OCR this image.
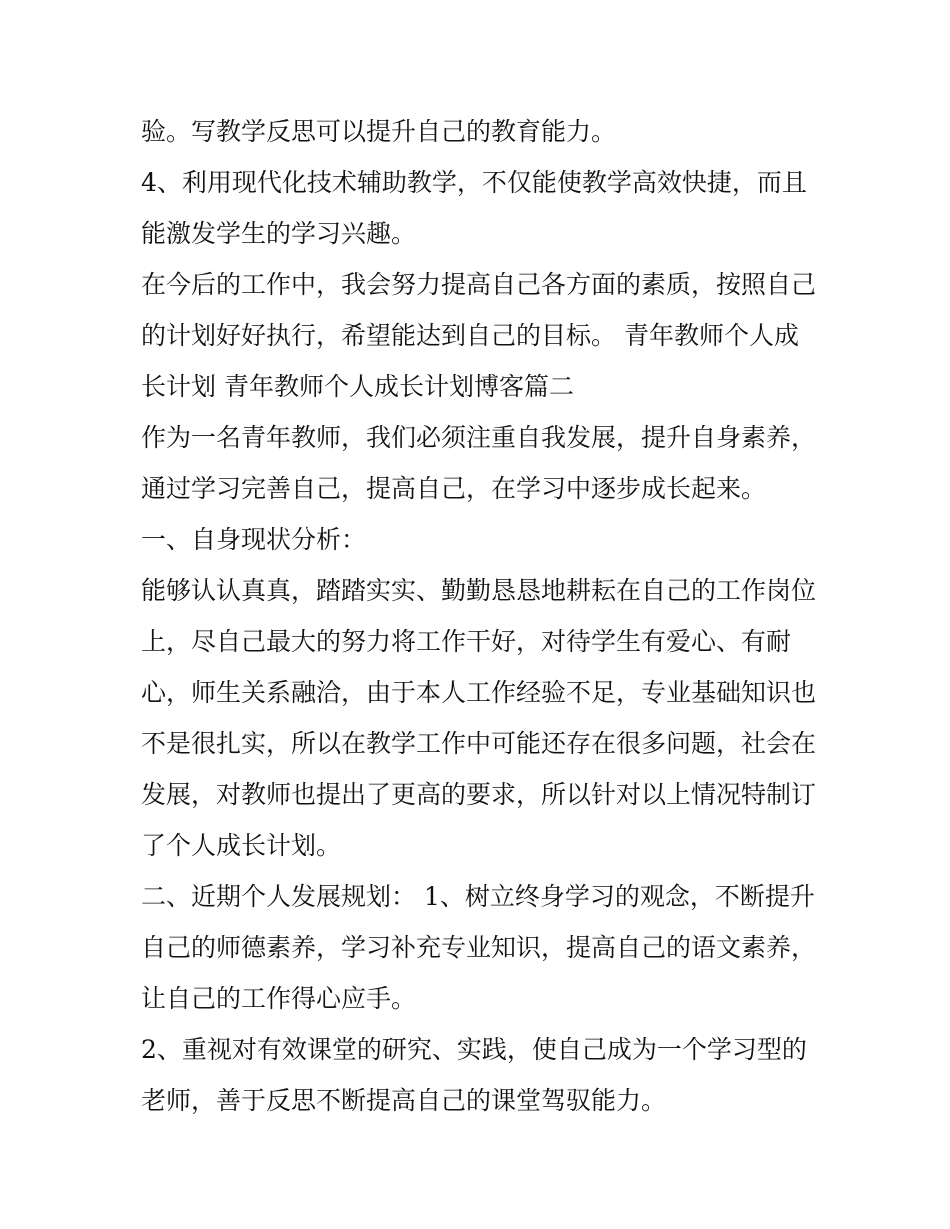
验。写教学反思可以提升自己的教育能力。

4、利用现代化技术辅助教学，不仅能使教学高效快捷，而且能激发学生的学习兴趣。

在今后的工作中，我会努力提高自己各方面的素质，按照自己的计划好好执行，希望能达到自己的目标。 青年教师个人成长计划 青年教师个人成长计划博客篇二

作为一名青年教师，我们必须注重自我发展，提升自身素养，通过学习完善自己，提高自己，在学习中逐步成长起来。

一、自身现状分析：

能够认认真真，踏踏实实、勤勤恳恳地耕耘在自己的工作岗位上，尽自己最大的努力将工作干好，对待学生有爱心、有耐心，师生关系融洽，由于本人工作经验不足，专业基础知识也不是很扎实，所以在教学工作中可能还存在很多问题，社会在发展，对教师也提出了更高的要求，所以针对以上情况特制订了个人成长计划。

二、近期个人发展规划： 1、树立终身学习的观念，不断提升自己的师德素养，学习补充专业知识，提高自己的语文素养，让自己的工作得心应手。

2、重视对有效课堂的研究、实践，使自己成为一个学习型的老师，善于反思不断提高自己的课堂驾驭能力。
